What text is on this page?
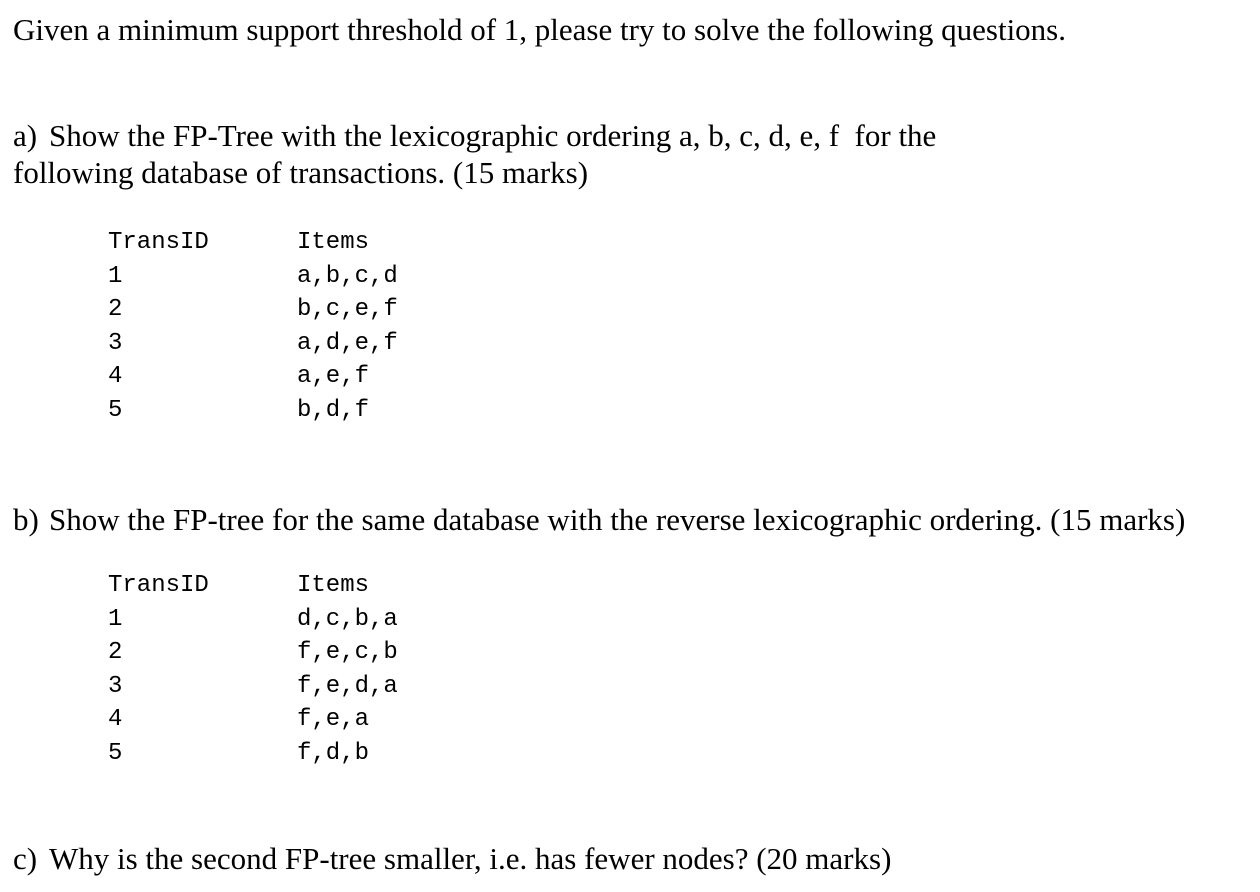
Given a minimum support threshold of 1, please try to solve the following questions.

a) Show the FP-Tree with the lexicographic ordering a, b, c, d, e, f  for the
following database of transactions. (15 marks)
TransID
1
2
3
4
5
Items
a,b,c,d
b,c,e,f
a,d,e,f
a,e,f
b,d,f
b) Show the FP-tree for the same database with the reverse lexicographic ordering. (15 marks)
TransID
1
2
3
4
5
Items
d,c,b,a
f,e,c,b
f,e,d,a
f,e,a
f,d,b
c) Why is the second FP-tree smaller, i.e. has fewer nodes? (20 marks)
